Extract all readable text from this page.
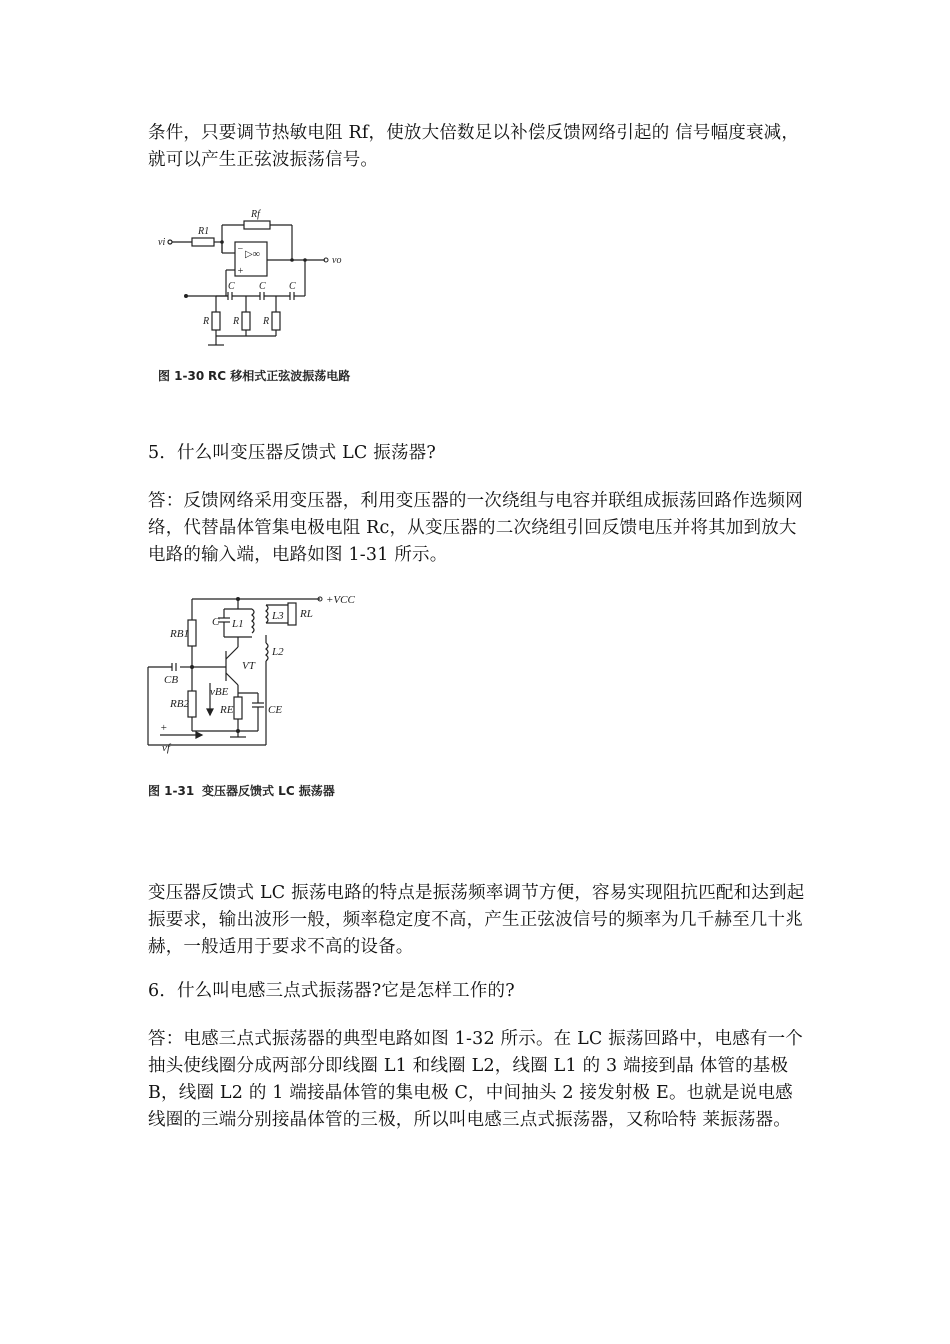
条件，只要调节热敏电阻 Rf，使放大倍数足以补偿反馈网络引起的 信号幅度衰减，就可以产生正弦波振荡信号。

Rf
R1
vi
vo
▷∞
−
+
C C C
R R R
图 1-30 RC 移相式正弦波振荡电路

5．什么叫变压器反馈式 LC 振荡器?

答：反馈网络采用变压器，利用变压器的一次绕组与电容并联组成振荡回路作选频网络，代替晶体管集电极电阻 Rc，从变压器的二次绕组引回反馈电压并将其加到放大电路的输入端，电路如图 1-31 所示。

+VCC
RB1
RB2
C L1
L2
L3 RL
VT
CB
vBE
RE	CE
+
vf
图 1-31 变压器反馈式 LC 振荡器

变压器反馈式 LC 振荡电路的特点是振荡频率调节方便，容易实现阻抗匹配和达到起振要求，输出波形一般，频率稳定度不高，产生正弦波信号的频率为几千赫至几十兆赫，一般适用于要求不高的设备。

6．什么叫电感三点式振荡器?它是怎样工作的?

答：电感三点式振荡器的典型电路如图 1-32 所示。在 LC 振荡回路中，电感有一个抽头使线圈分成两部分即线圈 L1 和线圈 L2，线圈 L1 的 3 端接到晶 体管的基极 B，线圈 L2 的 1 端接晶体管的集电极 C，中间抽头 2 接发射极 E。也就是说电感线圈的三端分别接晶体管的三极，所以叫电感三点式振荡器，又称哈特 莱振荡器。
